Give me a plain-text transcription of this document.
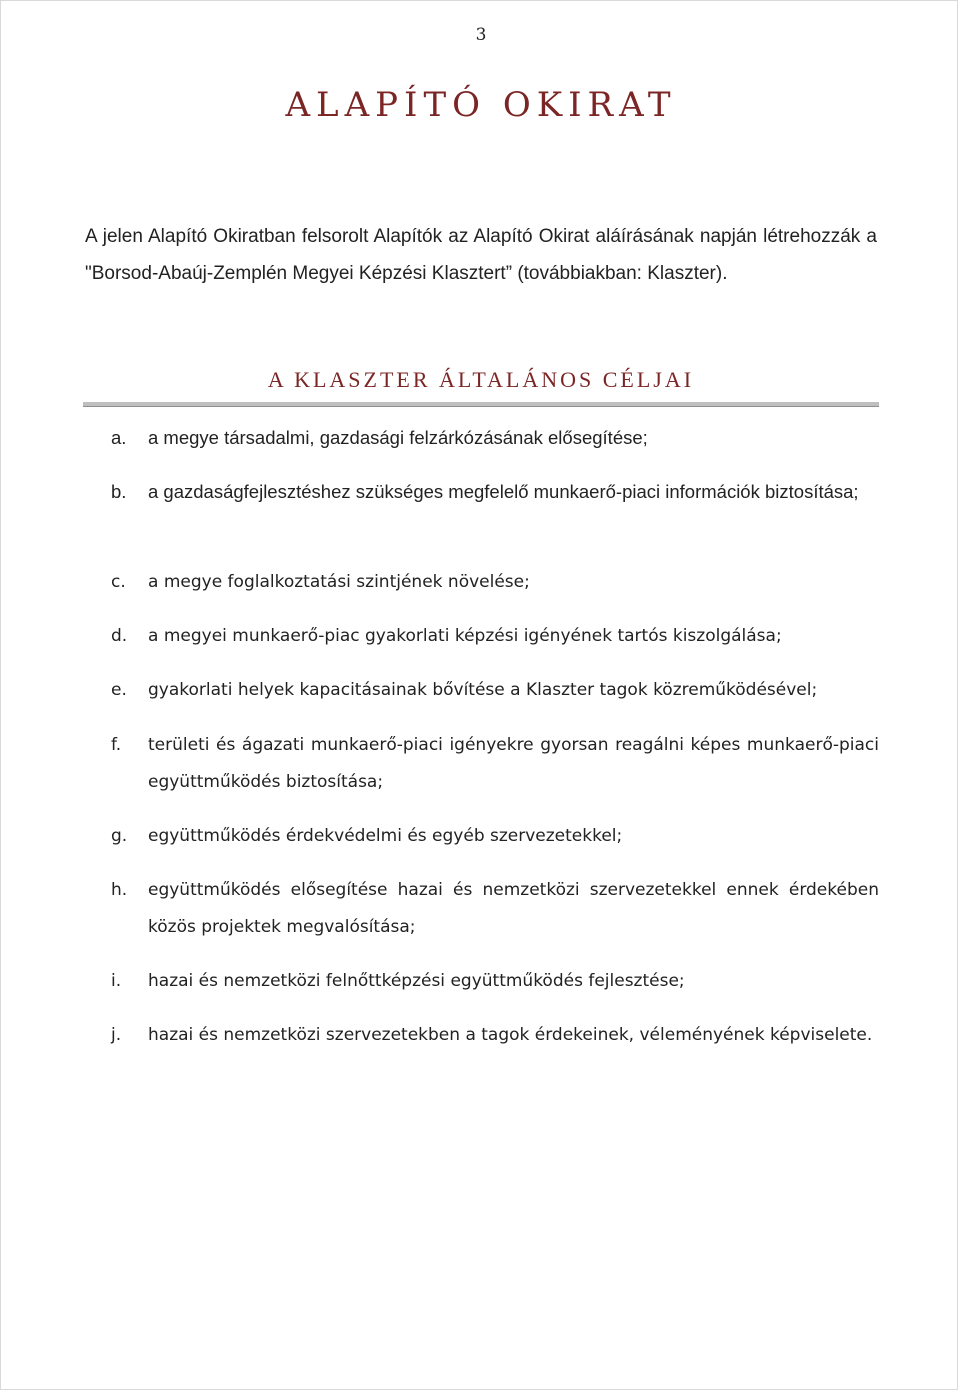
3
ALAPÍTÓ OKIRAT

A jelen Alapító Okiratban felsorolt Alapítók az Alapító Okirat aláírásának napján létrehozzák a "Borsod-Abaúj-Zemplén Megyei Képzési Klasztert” (továbbiakban: Klaszter).

A KLASZTER ÁLTALÁNOS CÉLJAI
a.	a megye társadalmi, gazdasági felzárkózásának elősegítése;
b.	a gazdaságfejlesztéshez szükséges megfelelő munkaerő-piaci információk biztosítása;
c.	a megye foglalkoztatási szintjének növelése;
d.	a megyei munkaerő-piac gyakorlati képzési igényének tartós kiszolgálása;
e.	gyakorlati helyek kapacitásainak bővítése a Klaszter tagok közreműködésével;
f.	területi és ágazati munkaerő-piaci igényekre gyorsan reagálni képes munkaerő-piaci együttműködés biztosítása;
g.	együttműködés érdekvédelmi és egyéb szervezetekkel;
h.	együttműködés elősegítése hazai és nemzetközi szervezetekkel ennek érdekében közös projektek megvalósítása;
i.	hazai és nemzetközi felnőttképzési együttműködés fejlesztése;
j.	hazai és nemzetközi szervezetekben a tagok érdekeinek, véleményének képviselete.
